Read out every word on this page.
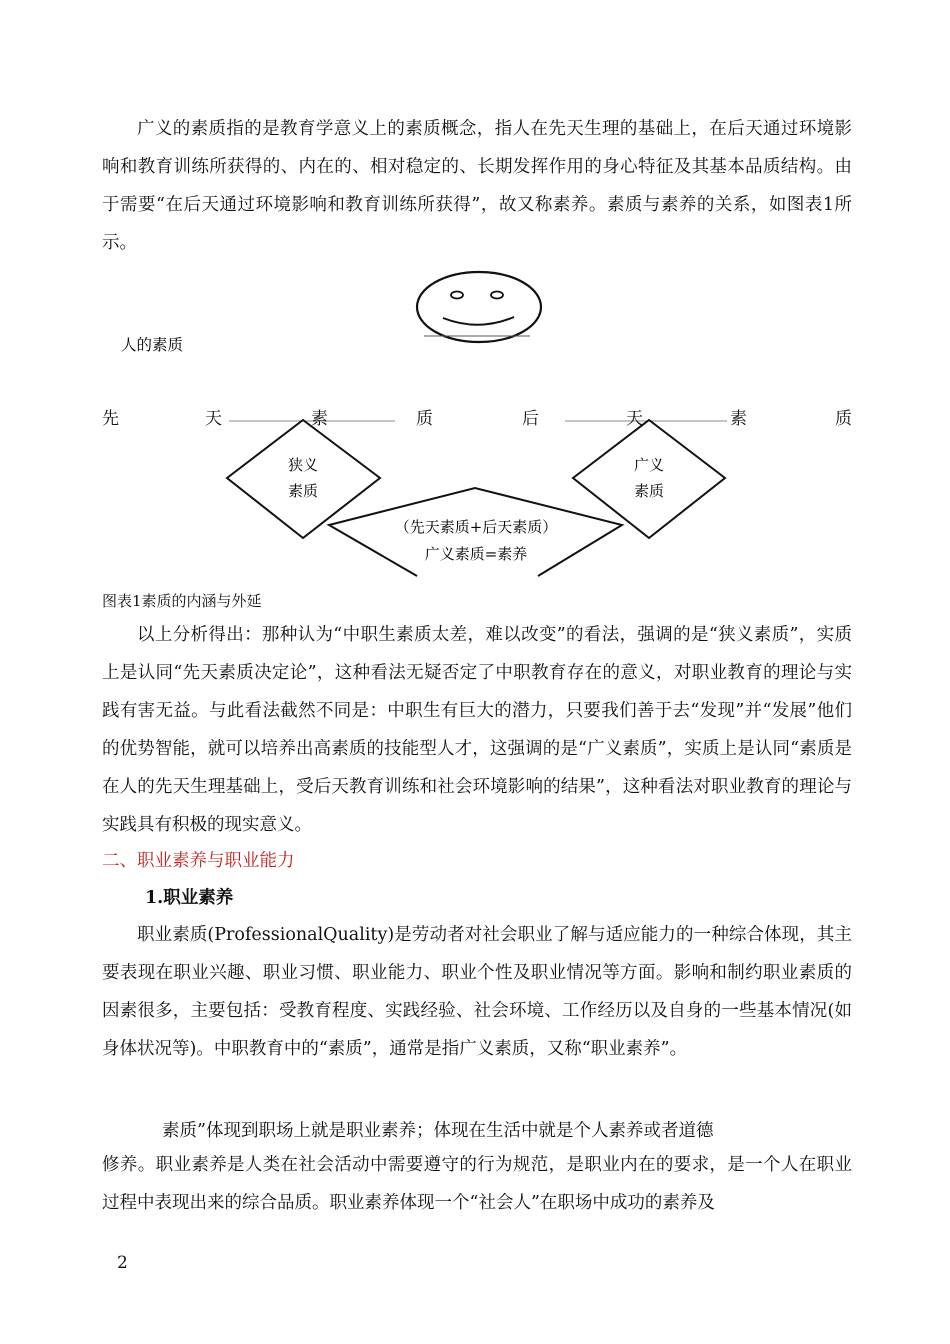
广义的素质指的是教育学意义上的素质概念，指人在先天生理的基础上，在后天通过环境影响和教育训练所获得的、内在的、相对稳定的、长期发挥作用的身心特征及其基本品质结构。由于需要“在后天通过环境影响和教育训练所获得”，故又称素养。素质与素养的关系，如图表1所示。

人的素质
狭义
素质
广义
素质
（先天素质+后天素质）
广义素质=素养
先	天	素	质	后	天	素	质

图表1素质的内涵与外延

以上分析得出：那种认为“中职生素质太差，难以改变”的看法，强调的是“狭义素质”，实质上是认同“先天素质决定论”，这种看法无疑否定了中职教育存在的意义，对职业教育的理论与实践有害无益。与此看法截然不同是：中职生有巨大的潜力，只要我们善于去“发现”并“发展”他们的优势智能，就可以培养出高素质的技能型人才，这强调的是“广义素质”，实质上是认同“素质是在人的先天生理基础上，受后天教育训练和社会环境影响的结果”，这种看法对职业教育的理论与实践具有积极的现实意义。

二、职业素养与职业能力

1.职业素养

职业素质(ProfessionalQuality)是劳动者对社会职业了解与适应能力的一种综合体现，其主要表现在职业兴趣、职业习惯、职业能力、职业个性及职业情况等方面。影响和制约职业素质的因素很多，主要包括：受教育程度、实践经验、社会环境、工作经历以及自身的一些基本情况(如身体状况等)。中职教育中的“素质”，通常是指广义素质，又称“职业素养”。

素质”体现到职场上就是职业素养；体现在生活中就是个人素养或者道德

修养。职业素养是人类在社会活动中需要遵守的行为规范，是职业内在的要求，是一个人在职业过程中表现出来的综合品质。职业素养体现一个“社会人”在职场中成功的素养及

2
